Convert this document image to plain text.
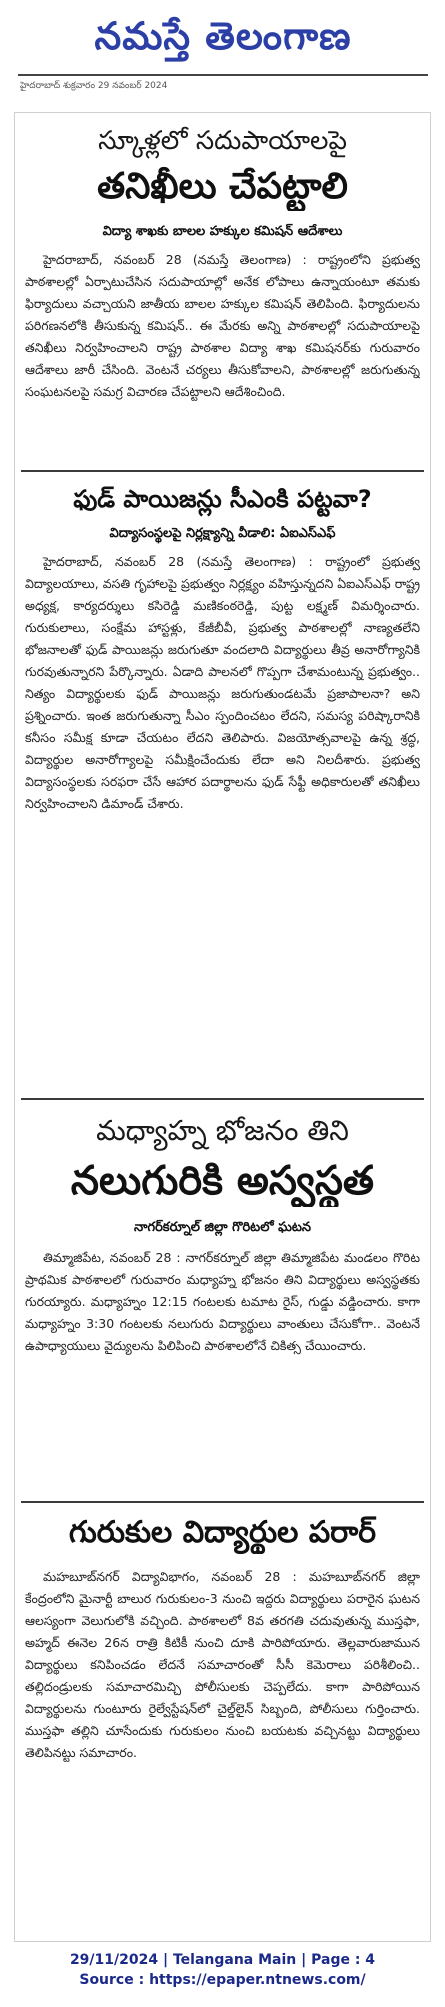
నమస్తే తెలంగాణ
హైదరాబాద్ శుక్రవారం 29 నవంబర్ 2024
స్కూళ్లలో సదుపాయాలపై
తనిఖీలు చేపట్టాలి
విద్యా శాఖకు బాలల హక్కుల కమిషన్ ఆదేశాలు
హైదరాబాద్, నవంబర్ 28 (నమస్తే తెలంగాణ) : రాష్ట్రంలోని ప్రభుత్వ పాఠశాలల్లో ఏర్పాటుచేసిన సదుపాయాల్లో అనేక లోపాలు ఉన్నాయంటూ తమకు ఫిర్యాదులు వచ్చాయని జాతీయ బాలల హక్కుల కమిషన్ తెలిపింది. ఫిర్యాదులను పరిగణనలోకి తీసుకున్న కమిషన్.. ఈ మేరకు అన్ని పాఠశాలల్లో సదుపాయాలపై తనిఖీలు నిర్వహించాలని రాష్ట్ర పాఠశాల విద్యా శాఖ కమిషనర్‌కు గురువారం ఆదేశాలు జారీ చేసింది. వెంటనే చర్యలు తీసుకోవాలని, పాఠశాలల్లో జరుగుతున్న సంఘటనలపై సమగ్ర విచారణ చేపట్టాలని ఆదేశించింది.
ఫుడ్ పాయిజన్లు సీఎంకి పట్టవా?
విద్యాసంస్థలపై నిర్లక్ష్యాన్ని వీడాలి: ఏఐఎస్ఎఫ్
హైదరాబాద్, నవంబర్ 28 (నమస్తే తెలంగాణ) : రాష్ట్రంలో ప్రభుత్వ విద్యాలయాలు, వసతి గృహాలపై ప్రభుత్వం నిర్లక్ష్యం వహిస్తున్నదని ఏఐఎస్ఎఫ్ రాష్ట్ర అధ్యక్ష, కార్యదర్శులు కసిరెడ్డి మణికంఠరెడ్డి, పుట్ట లక్ష్మణ్ విమర్శించారు. గురుకులాలు, సంక్షేమ హాస్టళ్లు, కేజీబీవీ, ప్రభుత్వ పాఠశాలల్లో నాణ్యతలేని భోజనాలతో ఫుడ్ పాయిజన్లు జరుగుతూ వందలాది విద్యార్థులు తీవ్ర అనారోగ్యానికి గురవుతున్నారని పేర్కొన్నారు. ఏడాది పాలనలో గొప్పగా చేశామంటున్న ప్రభుత్వం.. నిత్యం విద్యార్థులకు ఫుడ్ పాయిజన్లు జరుగుతుండటమే ప్రజాపాలనా? అని ప్రశ్నించారు. ఇంత జరుగుతున్నా సీఎం స్పందించటం లేదని, సమస్య పరిష్కారానికి కనీసం సమీక్ష కూడా చేయటం లేదని తెలిపారు. విజయోత్సవాలపై ఉన్న శ్రద్ధ, విద్యార్థుల అనారోగ్యాలపై సమీక్షించేందుకు లేదా అని నిలదీశారు. ప్రభుత్వ విద్యాసంస్థలకు సరఫరా చేసే ఆహార పదార్థాలను ఫుడ్ సేఫ్టీ అధికారులతో తనిఖీలు నిర్వహించాలని డిమాండ్ చేశారు.
మధ్యాహ్న భోజనం తిని
నలుగురికి అస్వస్థత
నాగర్‌కర్నూల్ జిల్లా గొరిటలో ఘటన
తిమ్మాజిపేట, నవంబర్ 28 : నాగర్‌కర్నూల్ జిల్లా తిమ్మాజిపేట మండలం గొరిట ప్రాథమిక పాఠశాలలో గురువారం మధ్యాహ్న భోజనం తిని విద్యార్థులు అస్వస్థతకు గురయ్యారు. మధ్యాహ్నం 12:15 గంటలకు టమాట రైస్, గుడ్డు వడ్డించారు. కాగా మధ్యాహ్నం 3:30 గంటలకు నలుగురు విద్యార్థులు వాంతులు చేసుకోగా.. వెంటనే ఉపాధ్యాయులు వైద్యులను పిలిపించి పాఠశాలలోనే చికిత్స చేయించారు.
గురుకుల విద్యార్థుల పరార్
మహబూబ్‌నగర్ విద్యావిభాగం, నవంబర్ 28 : మహబూబ్‌నగర్ జిల్లా కేంద్రంలోని మైనార్టీ బాలుర గురుకులం-3 నుంచి ఇద్దరు విద్యార్థులు పరారైన ఘటన ఆలస్యంగా వెలుగులోకి వచ్చింది. పాఠశాలలో 8వ తరగతి చదువుతున్న ముస్తఫా, అహ్మద్ ఈనెల 26న రాత్రి కిటికీ నుంచి దూకి పారిపోయారు. తెల్లవారుజామున విద్యార్థులు కనిపించడం లేదనే సమాచారంతో సీసీ కెమెరాలు పరిశీలించి.. తల్లిదండ్రులకు సమాచారమిచ్చి పోలీసులకు చెప్పలేదు. కాగా పారిపోయిన విద్యార్థులను గుంటూరు రైల్వేస్టేషన్‌లో చైల్డ్‌లైన్ సిబ్బంది, పోలీసులు గుర్తించారు. ముస్తఫా తల్లిని చూసేందుకు గురుకులం నుంచి బయటకు వచ్చినట్టు విద్యార్థులు తెలిపినట్టు సమాచారం.
29/11/2024 | Telangana Main | Page : 4
Source : https://epaper.ntnews.com/
